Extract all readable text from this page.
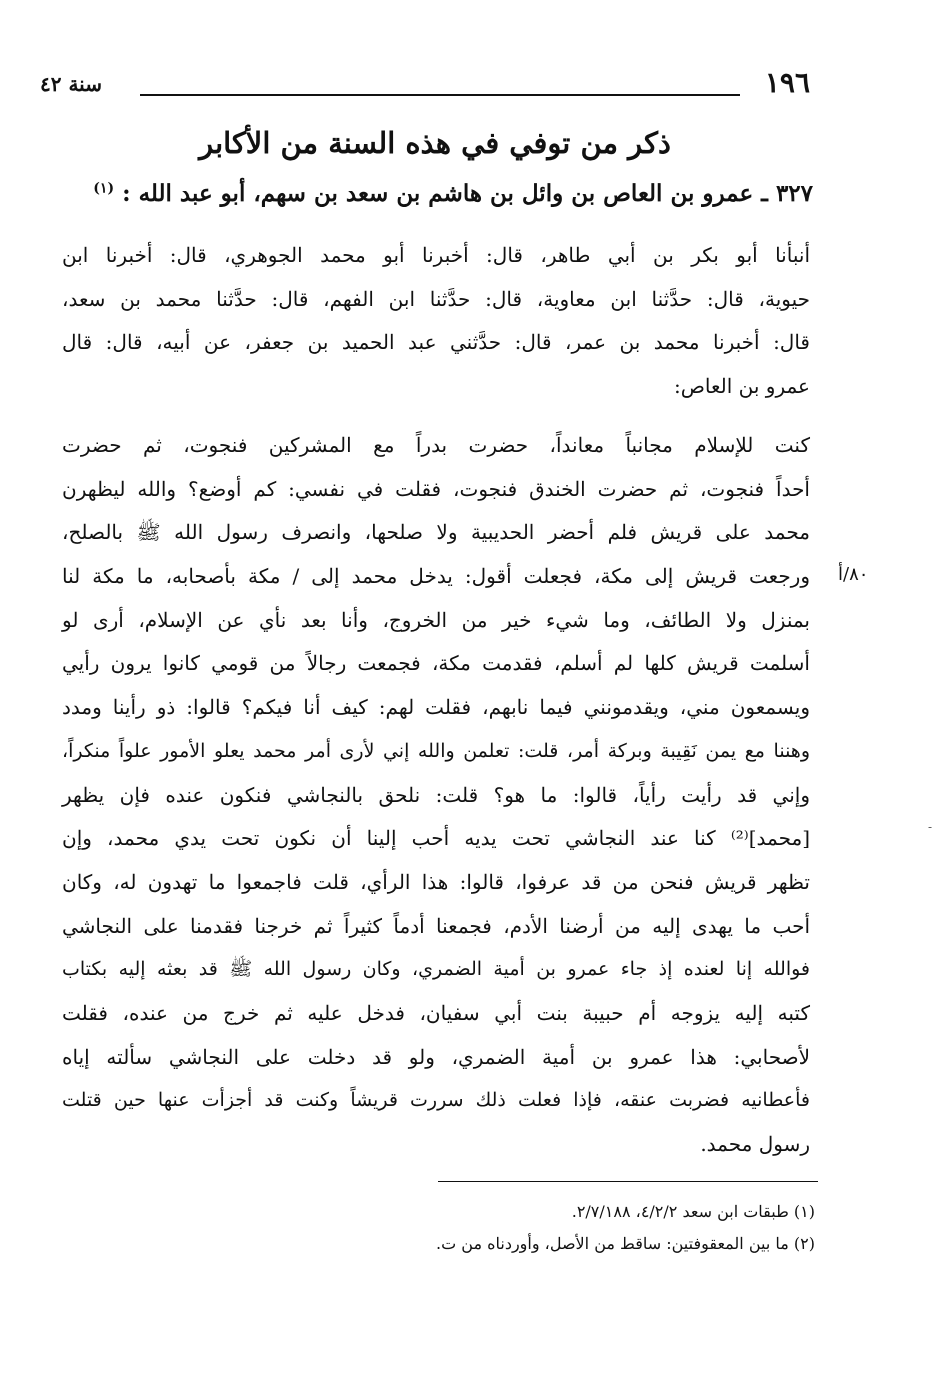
١٩٦
سنة ٤٢
ذكر من توفي في هذه السنة من الأكابر
٣٢٧ ـ عمرو بن العاص بن وائل بن هاشم بن سعد بن سهم، أبو عبد الله : $^{(١)}$
أنبأنا أبو بكر بن أبي طاهر، قال: أخبرنا أبو محمد الجوهري، قال: أخبرنا ابن
حيوية، قال: حدَّثنا ابن معاوية، قال: حدَّثنا ابن الفهم، قال: حدَّثنا محمد بن سعد،
قال: أخبرنا محمد بن عمر، قال: حدَّثني عبد الحميد بن جعفر، عن أبيه، قال: قال
عمرو بن العاص:
٨٠/أ
كنت للإسلام مجانباً معانداً، حضرت بدراً مع المشركين فنجوت، ثم حضرت
أحداً فنجوت، ثم حضرت الخندق فنجوت، فقلت في نفسي: كم أوضع؟ والله ليظهرن
محمد على قريش فلم أحضر الحديبية ولا صلحها، وانصرف رسول الله ﷺ بالصلح،
ورجعت قريش إلى مكة، فجعلت أقول: يدخل محمد إلى / مكة بأصحابه، ما مكة لنا
بمنزل ولا الطائف، وما شيء خير من الخروج، وأنا بعد نأي عن الإسلام، أرى لو
أسلمت قريش كلها لم أسلم، فقدمت مكة، فجمعت رجالاً من قومي كانوا يرون رأيي
ويسمعون مني، ويقدمونني فيما نابهم، فقلت لهم: كيف أنا فيكم؟ قالوا: ذو رأينا ومدد
وهننا مع يمن نَقِيبة وبركة أمر، قلت: تعلمن والله إني لأرى أمر محمد يعلو الأمور علواً منكراً،
وإني قد رأيت رأياً، قالوا: ما هو؟ قلت: نلحق بالنجاشي فنكون عنده فإن يظهر
[محمد]⁽²⁾ كنا عند النجاشي تحت يديه أحب إلينا أن نكون تحت يدي محمد، وإن
تظهر قريش فنحن من قد عرفوا، قالوا: هذا الرأي، قلت فاجمعوا ما تهدون له، وكان
أحب ما يهدى إليه من أرضنا الأدم، فجمعنا أدماً كثيراً ثم خرجنا فقدمنا على النجاشي
فوالله إنا لعنده إذ جاء عمرو بن أمية الضمري، وكان رسول الله ﷺ قد بعثه إليه بكتاب
كتبه إليه يزوجه أم حبيبة بنت أبي سفيان، فدخل عليه ثم خرج من عنده، فقلت
لأصحابي: هذا عمرو بن أمية الضمري، ولو قد دخلت على النجاشي سألته إياه
فأعطانيه فضربت عنقه، فإذا فعلت ذلك سررت قريشاً وكنت قد أجزأت عنها حين قتلت
رسول محمد.
(١) طبقات ابن سعد ٤/٢/٢، ٢/٧/١٨٨.
(٢) ما بين المعقوفتين: ساقط من الأصل، وأوردناه من ت.
-
